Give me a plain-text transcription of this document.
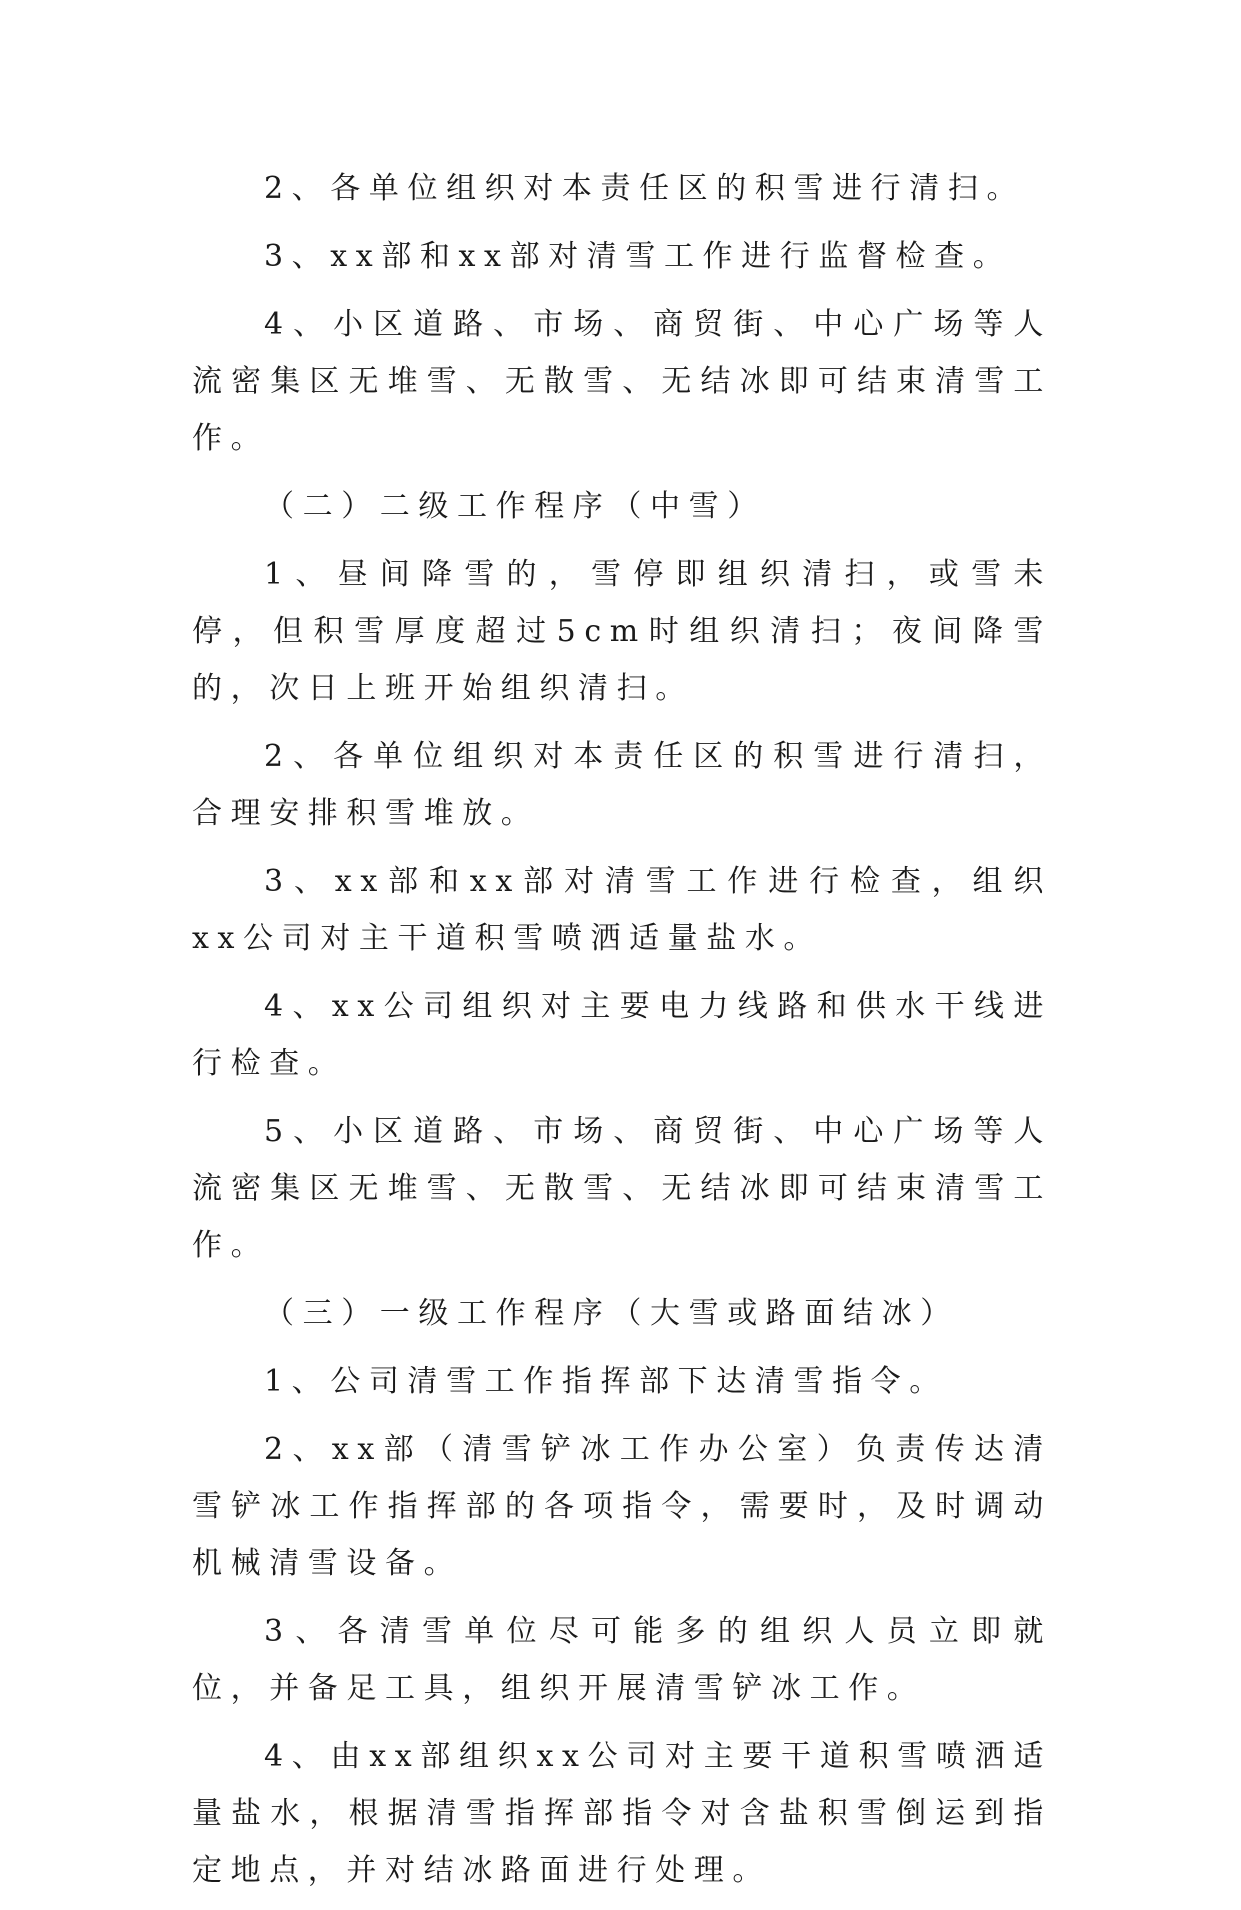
2、各单位组织对本责任区的积雪进行清扫。

3、xx部和xx部对清雪工作进行监督检查。

4、小区道路、市场、商贸街、中心广场等人流密集区无堆雪、无散雪、无结冰即可结束清雪工作。

（二）二级工作程序（中雪）

1、昼间降雪的，雪停即组织清扫，或雪未停，但积雪厚度超过5cm时组织清扫；夜间降雪的，次日上班开始组织清扫。

2、各单位组织对本责任区的积雪进行清扫，合理安排积雪堆放。

3、xx部和xx部对清雪工作进行检查，组织xx公司对主干道积雪喷洒适量盐水。

4、xx公司组织对主要电力线路和供水干线进行检查。

5、小区道路、市场、商贸街、中心广场等人流密集区无堆雪、无散雪、无结冰即可结束清雪工作。

（三）一级工作程序（大雪或路面结冰）

1、公司清雪工作指挥部下达清雪指令。

2、xx部（清雪铲冰工作办公室）负责传达清雪铲冰工作指挥部的各项指令，需要时，及时调动机械清雪设备。

3、各清雪单位尽可能多的组织人员立即就位，并备足工具，组织开展清雪铲冰工作。

4、由xx部组织xx公司对主要干道积雪喷洒适量盐水，根据清雪指挥部指令对含盐积雪倒运到指定地点，并对结冰路面进行处理。
